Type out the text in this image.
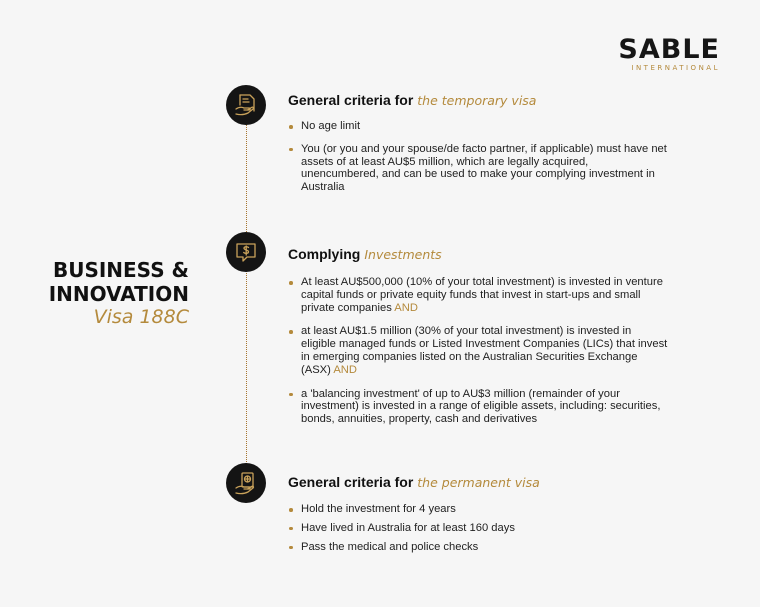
SABLE
INTERNATIONAL
BUSINESS &
INNOVATION
Visa 188C
General criteria for the temporary visa
No age limit
You (or you and your spouse/de facto partner, if applicable) must have net assets of at least AU$5 million, which are legally acquired, unencumbered, and can be used to make your complying investment in Australia
Complying Investments
At least AU$500,000 (10% of your total investment) is invested in venture capital funds or private equity funds that invest in start-ups and small private companies AND
at least AU$1.5 million (30% of your total investment) is invested in eligible managed funds or Listed Investment Companies (LICs) that invest in emerging companies listed on the Australian Securities Exchange (ASX) AND
a 'balancing investment' of up to AU$3 million (remainder of your investment) is invested in a range of eligible assets, including: securities, bonds, annuities, property, cash and derivatives
General criteria for the permanent visa
Hold the investment for 4 years
Have lived in Australia for at least 160 days
Pass the medical and police checks
